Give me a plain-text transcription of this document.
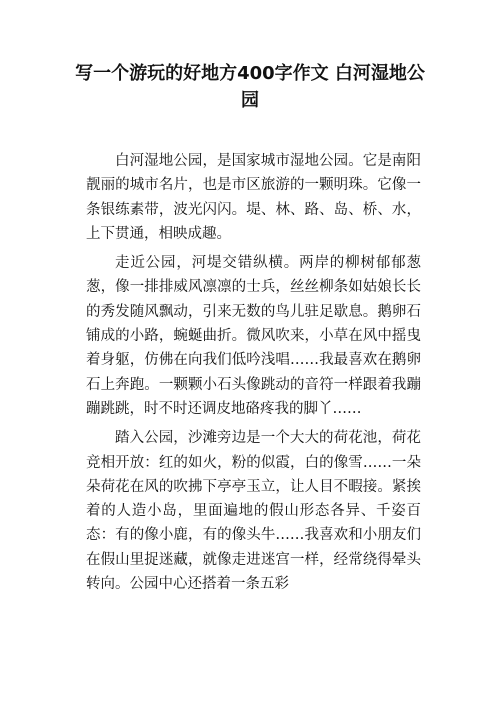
写一个游玩的好地方400字作文 白河湿地公园

白河湿地公园，是国家城市湿地公园。它是南阳靓丽的城市名片，也是市区旅游的一颗明珠。它像一条银练素带，波光闪闪。堤、林、路、岛、桥、水，上下贯通，相映成趣。

走近公园，河堤交错纵横。两岸的柳树郁郁葱葱，像一排排威风凛凛的士兵，丝丝柳条如姑娘长长的秀发随风飘动，引来无数的鸟儿驻足歇息。鹅卵石铺成的小路，蜿蜒曲折。微风吹来，小草在风中摇曳着身躯，仿佛在向我们低吟浅唱……我最喜欢在鹅卵石上奔跑。一颗颗小石头像跳动的音符一样跟着我蹦蹦跳跳，时不时还调皮地硌疼我的脚丫……

踏入公园，沙滩旁边是一个大大的荷花池，荷花竞相开放：红的如火，粉的似霞，白的像雪……一朵朵荷花在风的吹拂下亭亭玉立，让人目不暇接。紧挨着的人造小岛，里面遍地的假山形态各异、千姿百态：有的像小鹿，有的像头牛……我喜欢和小朋友们在假山里捉迷藏，就像走进迷宫一样，经常绕得晕头转向。公园中心还搭着一条五彩
